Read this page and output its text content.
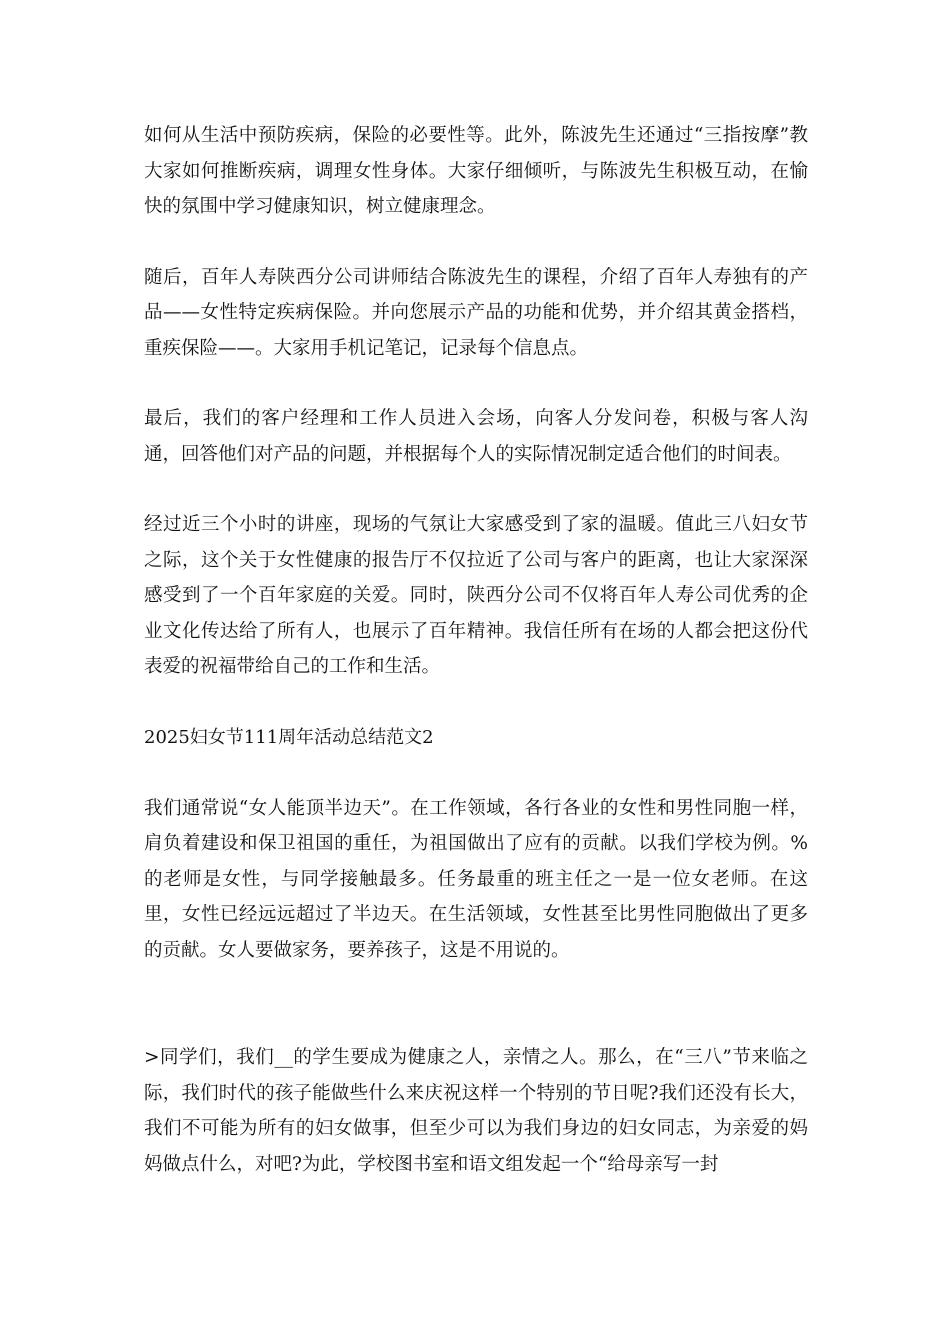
如何从生活中预防疾病，保险的必要性等。此外，陈波先生还通过“三指按摩”教大家如何推断疾病，调理女性身体。大家仔细倾听，与陈波先生积极互动，在愉快的氛围中学习健康知识，树立健康理念。

随后，百年人寿陕西分公司讲师结合陈波先生的课程，介绍了百年人寿独有的产品——女性特定疾病保险。并向您展示产品的功能和优势，并介绍其黄金搭档，重疾保险——。大家用手机记笔记，记录每个信息点。

最后，我们的客户经理和工作人员进入会场，向客人分发问卷，积极与客人沟通，回答他们对产品的问题，并根据每个人的实际情况制定适合他们的时间表。

经过近三个小时的讲座，现场的气氛让大家感受到了家的温暖。值此三八妇女节之际，这个关于女性健康的报告厅不仅拉近了公司与客户的距离，也让大家深深感受到了一个百年家庭的关爱。同时，陕西分公司不仅将百年人寿公司优秀的企业文化传达给了所有人，也展示了百年精神。我信任所有在场的人都会把这份代表爱的祝福带给自己的工作和生活。

2025妇女节111周年活动总结范文2

我们通常说“女人能顶半边天”。在工作领域，各行各业的女性和男性同胞一样，肩负着建设和保卫祖国的重任，为祖国做出了应有的贡献。以我们学校为例。%的老师是女性，与同学接触最多。任务最重的班主任之一是一位女老师。在这里，女性已经远远超过了半边天。在生活领域，女性甚至比男性同胞做出了更多的贡献。女人要做家务，要养孩子，这是不用说的。

>同学们，我们__的学生要成为健康之人，亲情之人。那么，在“三八”节来临之际，我们时代的孩子能做些什么来庆祝这样一个特别的节日呢?我们还没有长大，我们不可能为所有的妇女做事，但至少可以为我们身边的妇女同志，为亲爱的妈妈做点什么，对吧?为此，学校图书室和语文组发起一个“给母亲写一封
